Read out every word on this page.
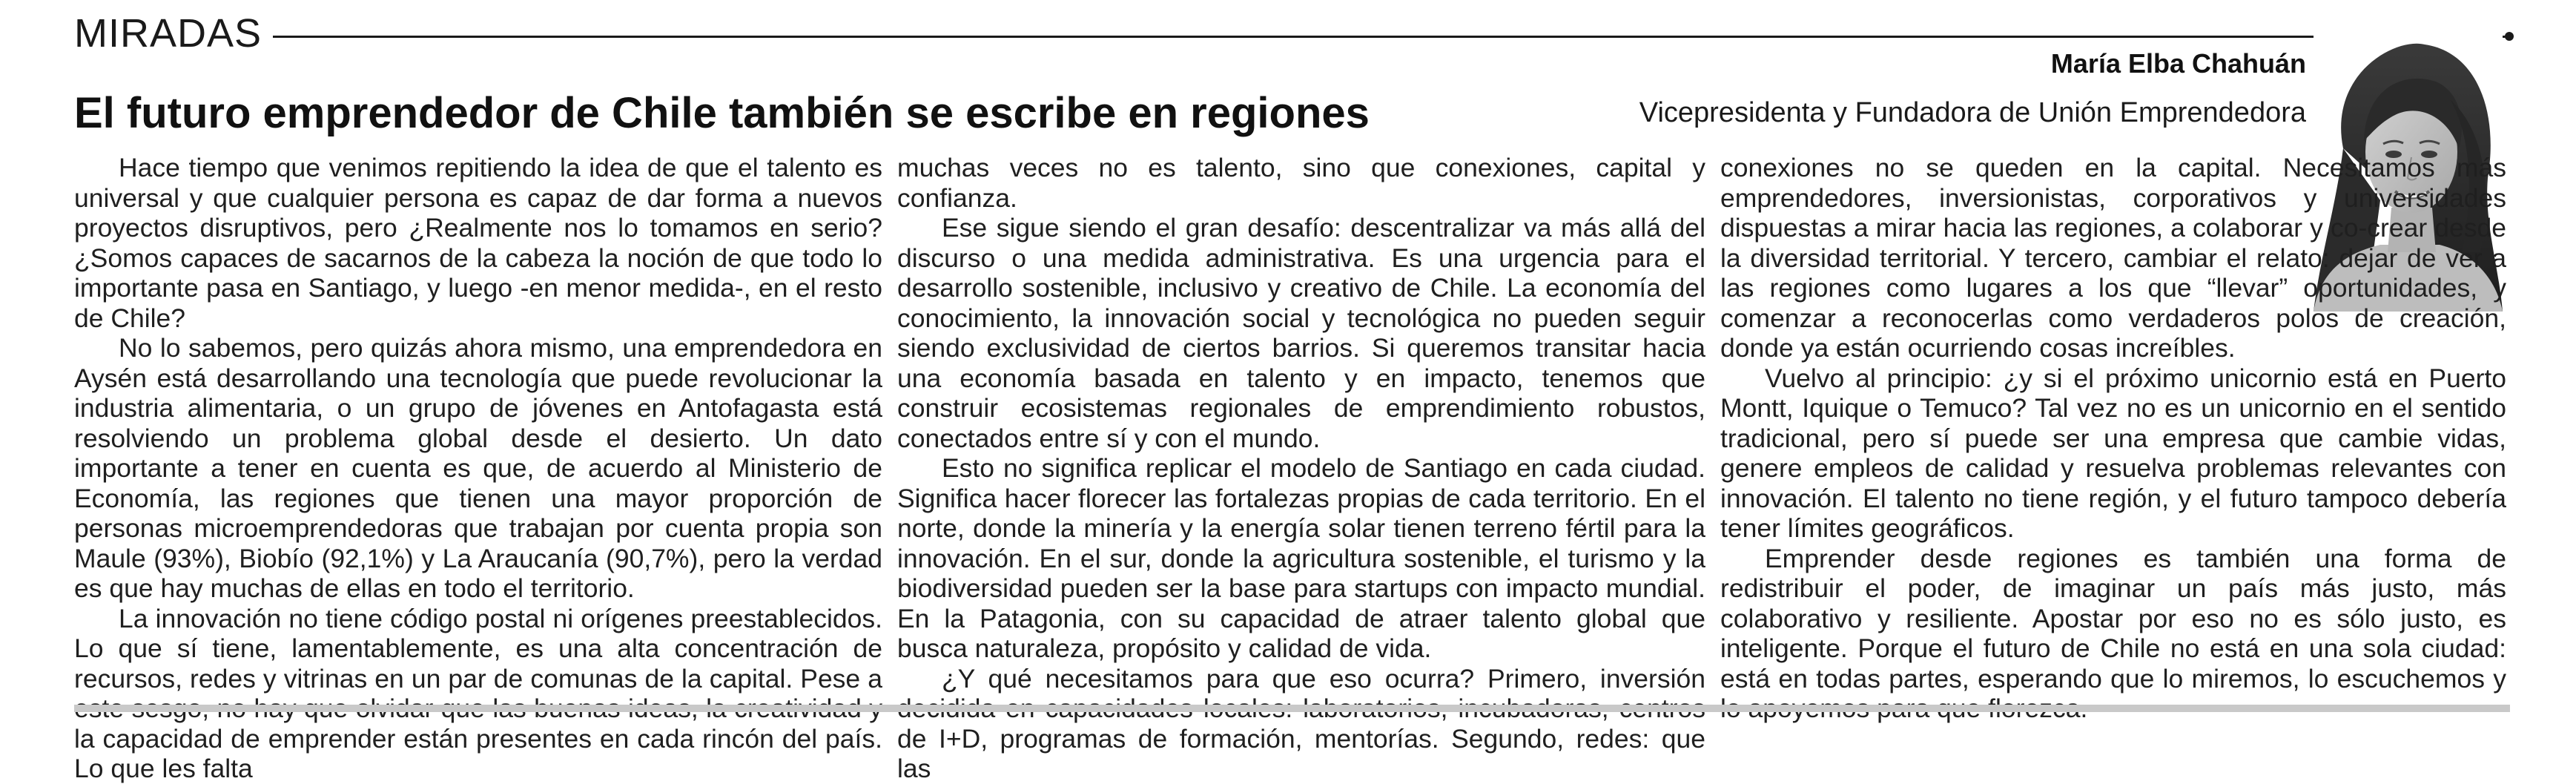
MIRADAS
El futuro emprendedor de Chile también se escribe en regiones
María Elba Chahuán
Vicepresidenta y Fundadora de Unión Emprendedora

Hace tiempo que venimos repitiendo la idea de que el talento es universal y que cualquier persona es capaz de dar forma a nuevos proyectos disruptivos, pero ¿Realmente nos lo tomamos en serio? ¿Somos capaces de sacarnos de la cabeza la noción de que todo lo importante pasa en Santiago, y luego -en menor medida-, en el resto de Chile?

No lo sabemos, pero quizás ahora mismo, una emprendedora en Aysén está desarrollando una tecnología que puede revolucionar la industria alimentaria, o un grupo de jóvenes en Antofagasta está resolviendo un problema global desde el desierto. Un dato importante a tener en cuenta es que, de acuerdo al Ministerio de Economía, las regiones que tienen una mayor proporción de personas microemprendedoras que trabajan por cuenta propia son Maule (93%), Biobío (92,1%) y La Araucanía (90,7%), pero la verdad es que hay muchas de ellas en todo el territorio.

La innovación no tiene código postal ni orígenes preestablecidos. Lo que sí tiene, lamentablemente, es una alta concentración de recursos, redes y vitrinas en un par de comunas de la capital. Pese a la capacidad de emprender están presentes en cada rincón del país. Lo que les falta

muchas veces no es talento, sino que conexiones, capital y confianza.

Ese sigue siendo el gran desafío: descentralizar va más allá del discurso o una medida administrativa. Es una urgencia para el desarrollo sostenible, inclusivo y creativo de Chile. La economía del conocimiento, la innovación social y tecnológica no pueden seguir siendo exclusividad de ciertos barrios. Si queremos transitar hacia una economía basada en talento y en impacto, tenemos que construir ecosistemas regionales de emprendimiento robustos, conectados entre sí y con el mundo.

Esto no significa replicar el modelo de Santiago en cada ciudad. Significa hacer florecer las fortalezas propias de cada territorio. En el norte, donde la minería y la energía solar tienen terreno fértil para la innovación. En el sur, donde la agricultura sostenible, el turismo y la biodiversidad pueden ser la base para startups con impacto mundial. En la Patagonia, con su capacidad de atraer talento global que busca naturaleza, propósito y calidad de vida.

¿Y qué necesitamos para que eso ocurra? Primero, inversión de I+D, programas de formación, mentorías. Segundo, redes: que las

conexiones no se queden en la capital. Necesitamos más emprendedores, inversionistas, corporativos y universidades dispuestas a mirar hacia las regiones, a colaborar y co-crear desde la diversidad territorial. Y tercero, cambiar el relato: dejar de ver a las regiones como lugares a los que “llevar” oportunidades, y comenzar a reconocerlas como verdaderos polos de creación, donde ya están ocurriendo cosas increíbles.

Vuelvo al principio: ¿y si el próximo unicornio está en Puerto Montt, Iquique o Temuco? Tal vez no es un unicornio en el sentido tradicional, pero sí puede ser una empresa que cambie vidas, genere empleos de calidad y resuelva problemas relevantes con innovación. El talento no tiene región, y el futuro tampoco debería tener límites geográficos.

Emprender desde regiones es también una forma de redistribuir el poder, de imaginar un país más justo, más colaborativo y resiliente. Apostar por eso no es sólo justo, es inteligente. Porque el futuro de Chile no está en una sola ciudad: está en todas partes, esperando que lo miremos, lo escuchemos y
